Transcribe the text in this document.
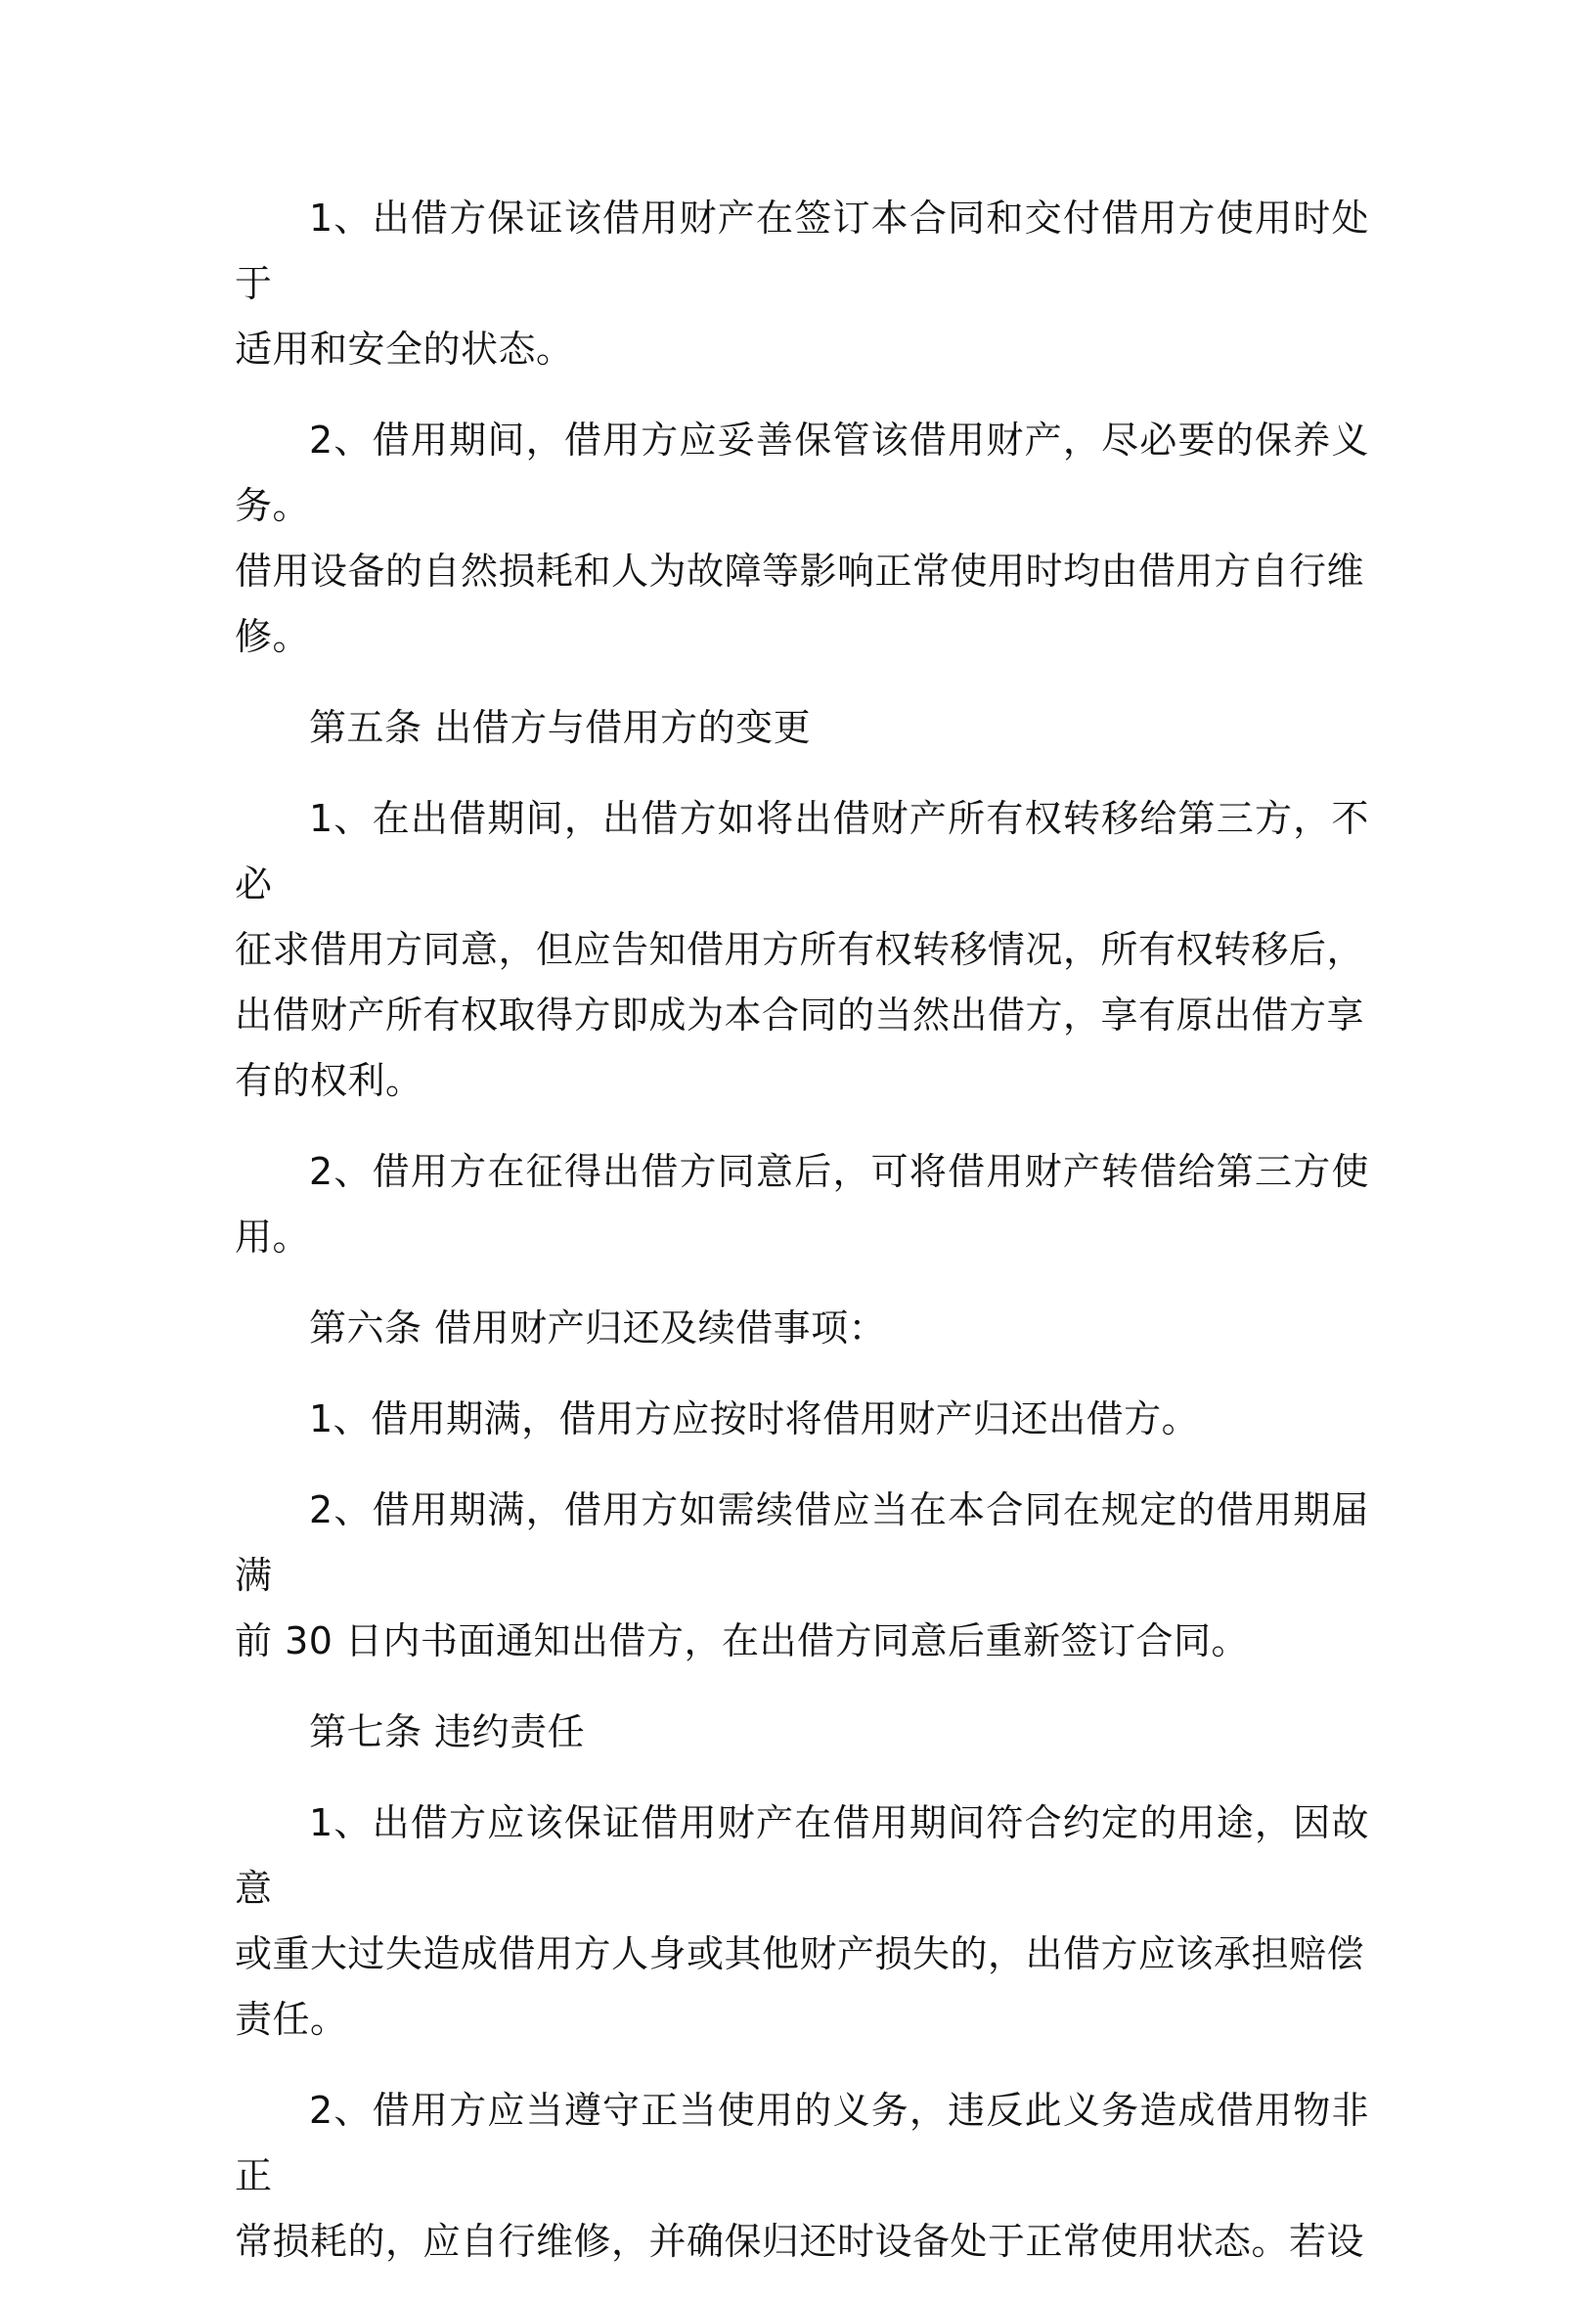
1、出借方保证该借用财产在签订本合同和交付借用方使用时处于
适用和安全的状态。
2、借用期间，借用方应妥善保管该借用财产，尽必要的保养义务。
借用设备的自然损耗和人为故障等影响正常使用时均由借用方自行维
修。
第五条 出借方与借用方的变更
1、在出借期间，出借方如将出借财产所有权转移给第三方，不必
征求借用方同意，但应告知借用方所有权转移情况，所有权转移后，
出借财产所有权取得方即成为本合同的当然出借方，享有原出借方享
有的权利。
2、借用方在征得出借方同意后，可将借用财产转借给第三方使用。
第六条 借用财产归还及续借事项：
1、借用期满，借用方应按时将借用财产归还出借方。
2、借用期满，借用方如需续借应当在本合同在规定的借用期届满
前 30 日内书面通知出借方，在出借方同意后重新签订合同。
第七条 违约责任
1、出借方应该保证借用财产在借用期间符合约定的用途，因故意
或重大过失造成借用方人身或其他财产损失的，出借方应该承担赔偿
责任。
2、借用方应当遵守正当使用的义务，违反此义务造成借用物非正
常损耗的，应自行维修，并确保归还时设备处于正常使用状态。若设
